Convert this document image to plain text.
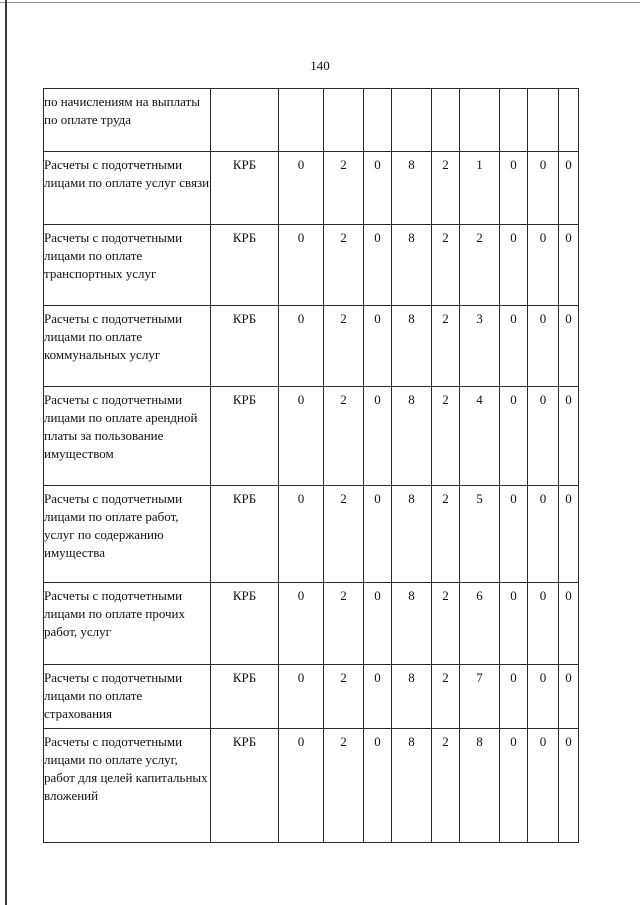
140
по начислениям на выплаты по оплате труда										
Расчеты с подотчетными лицами по оплате услуг связи	КРБ	0	2	0	8	2	1	0	0	0
Расчеты с подотчетными лицами по оплате транспортных услуг	КРБ	0	2	0	8	2	2	0	0	0
Расчеты с подотчетными лицами по оплате коммунальных услуг	КРБ	0	2	0	8	2	3	0	0	0
Расчеты с подотчетными лицами по оплате арендной платы за пользование имуществом	КРБ	0	2	0	8	2	4	0	0	0
Расчеты с подотчетными лицами по оплате работ, услуг по содержанию имущества	КРБ	0	2	0	8	2	5	0	0	0
Расчеты с подотчетными лицами по оплате прочих работ, услуг	КРБ	0	2	0	8	2	6	0	0	0
Расчеты с подотчетными лицами по оплате страхования	КРБ	0	2	0	8	2	7	0	0	0
Расчеты с подотчетными лицами по оплате услуг, работ для целей капитальных вложений	КРБ	0	2	0	8	2	8	0	0	0
